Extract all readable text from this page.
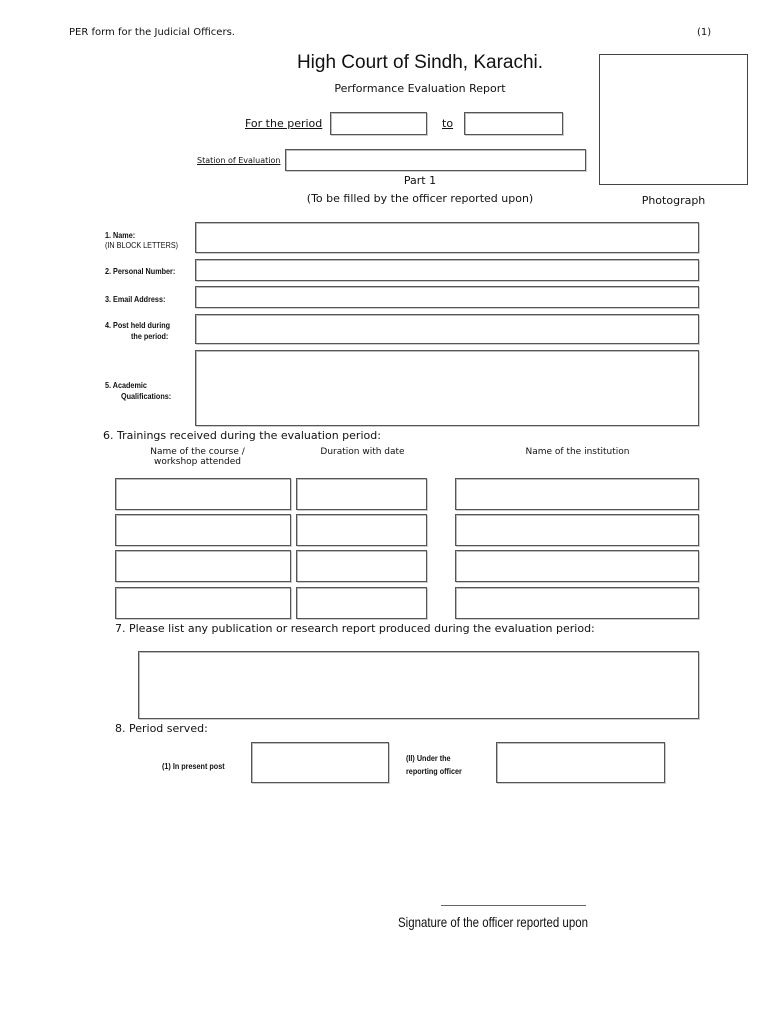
PER form for the Judicial Officers.	(1)
High Court of Sindh, Karachi.
Performance Evaluation Report
For the period	to
Station of Evaluation
Part 1
(To be filled by the officer reported upon)	Photograph
1. Name:
(IN BLOCK LETTERS)
2. Personal Number:
3. Email Address:
4. Post held during
the period:
5. Academic
Qualifications:
6. Trainings received during the evaluation period:
Name of the course /
workshop attended
Duration with date	Name of the institution
7. Please list any publication or research report produced during the evaluation period:
8. Period served:
(1) In present post
(II) Under the
reporting officer
Signature of the officer reported upon
